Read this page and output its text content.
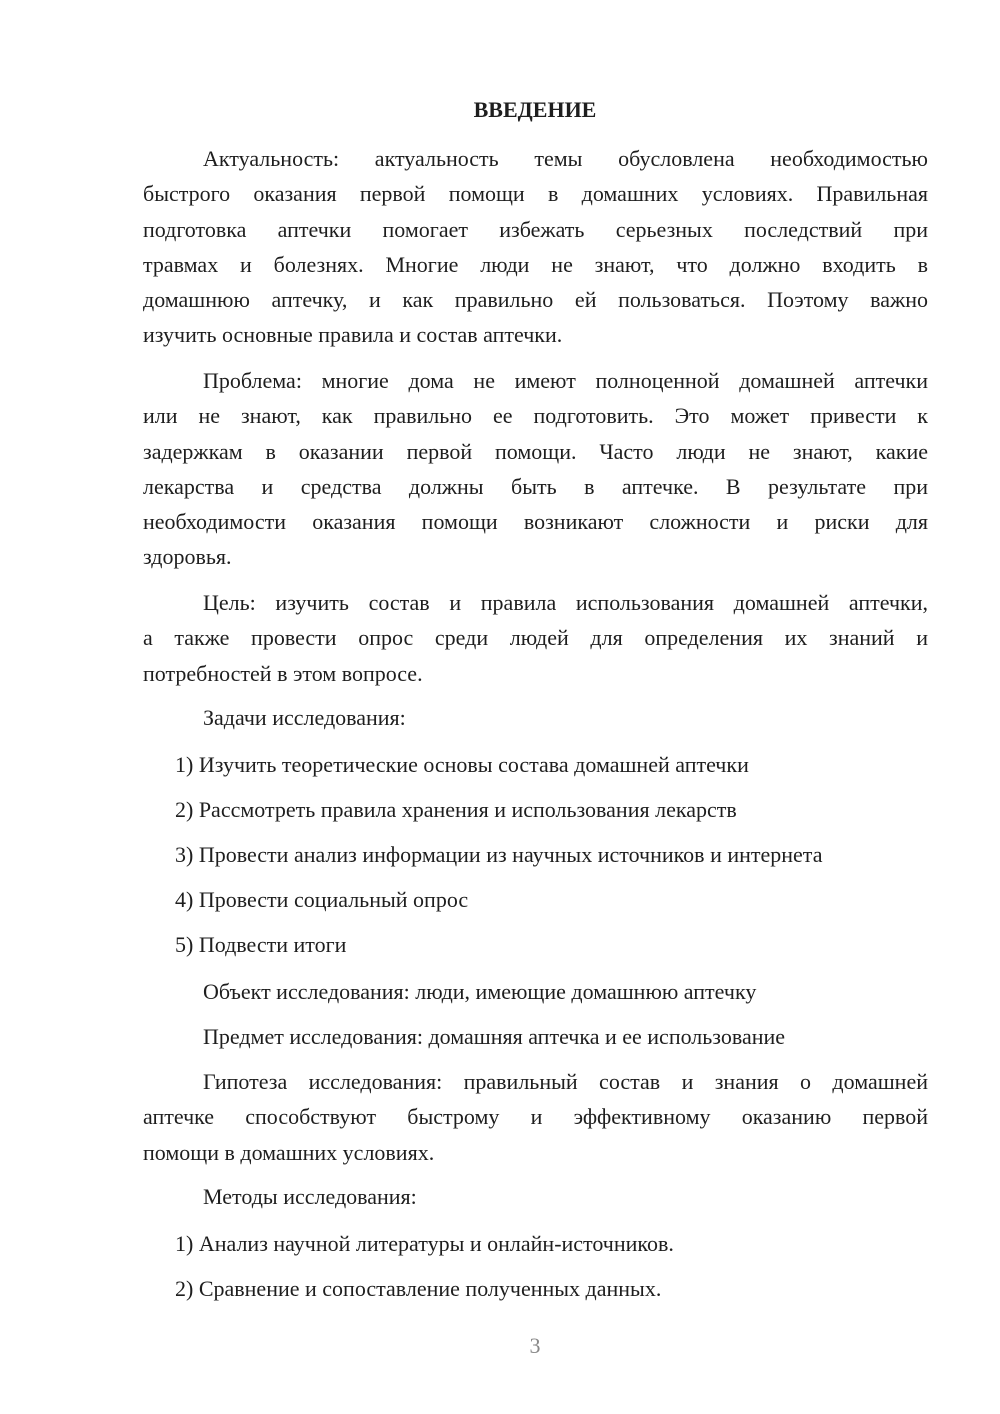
ВВЕДЕНИЕ
Актуальность: актуальность темы обусловлена необходимостью
быстрого оказания первой помощи в домашних условиях. Правильная
подготовка аптечки помогает избежать серьезных последствий при
травмах и болезнях. Многие люди не знают, что должно входить в
домашнюю аптечку, и как правильно ей пользоваться. Поэтому важно
изучить основные правила и состав аптечки.
Проблема: многие дома не имеют полноценной домашней аптечки
или не знают, как правильно ее подготовить. Это может привести к
задержкам в оказании первой помощи. Часто люди не знают, какие
лекарства и средства должны быть в аптечке. В результате при
необходимости оказания помощи возникают сложности и риски для
здоровья.
Цель: изучить состав и правила использования домашней аптечки,
а также провести опрос среди людей для определения их знаний и
потребностей в этом вопросе.
Задачи исследования:
Объект исследования: люди, имеющие домашнюю аптечку
Предмет исследования: домашняя аптечка и ее использование
Гипотеза исследования: правильный состав и знания о домашней
аптечке способствуют быстрому и эффективному оказанию первой
помощи в домашних условиях.
Методы исследования:
1) Изучить теоретические основы состава домашней аптечки
2) Рассмотреть правила хранения и использования лекарств
3) Провести анализ информации из научных источников и интернета
4) Провести социальный опрос
5) Подвести итоги
1) Анализ научной литературы и онлайн-источников.
2) Сравнение и сопоставление полученных данных.
3
